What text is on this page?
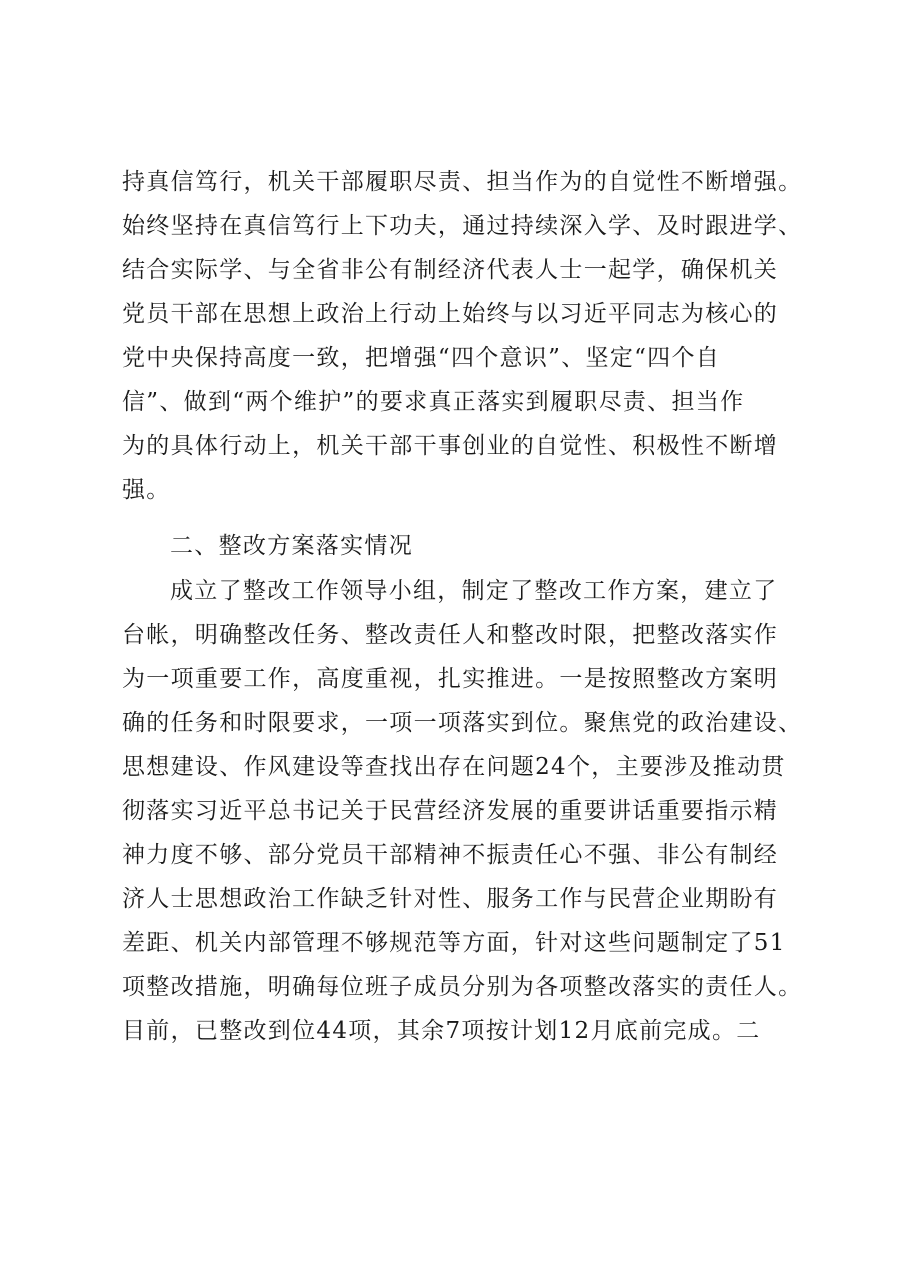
持真信笃行，机关干部履职尽责、担当作为的自觉性不断增强。
始终坚持在真信笃行上下功夫，通过持续深入学、及时跟进学、
结合实际学、与全省非公有制经济代表人士一起学，确保机关
党员干部在思想上政治上行动上始终与以习近平同志为核心的
党中央保持高度一致，把增强“四个意识”、坚定“四个自
信”、做到“两个维护”的要求真正落实到履职尽责、担当作
为的具体行动上，机关干部干事创业的自觉性、积极性不断增
强。
二、整改方案落实情况
成立了整改工作领导小组，制定了整改工作方案，建立了
台帐，明确整改任务、整改责任人和整改时限，把整改落实作
为一项重要工作，高度重视，扎实推进。一是按照整改方案明
确的任务和时限要求，一项一项落实到位。聚焦党的政治建设、
思想建设、作风建设等查找出存在问题24个，主要涉及推动贯
彻落实习近平总书记关于民营经济发展的重要讲话重要指示精
神力度不够、部分党员干部精神不振责任心不强、非公有制经
济人士思想政治工作缺乏针对性、服务工作与民营企业期盼有
差距、机关内部管理不够规范等方面，针对这些问题制定了51
项整改措施，明确每位班子成员分别为各项整改落实的责任人。
目前，已整改到位44项，其余7项按计划12月底前完成。二
